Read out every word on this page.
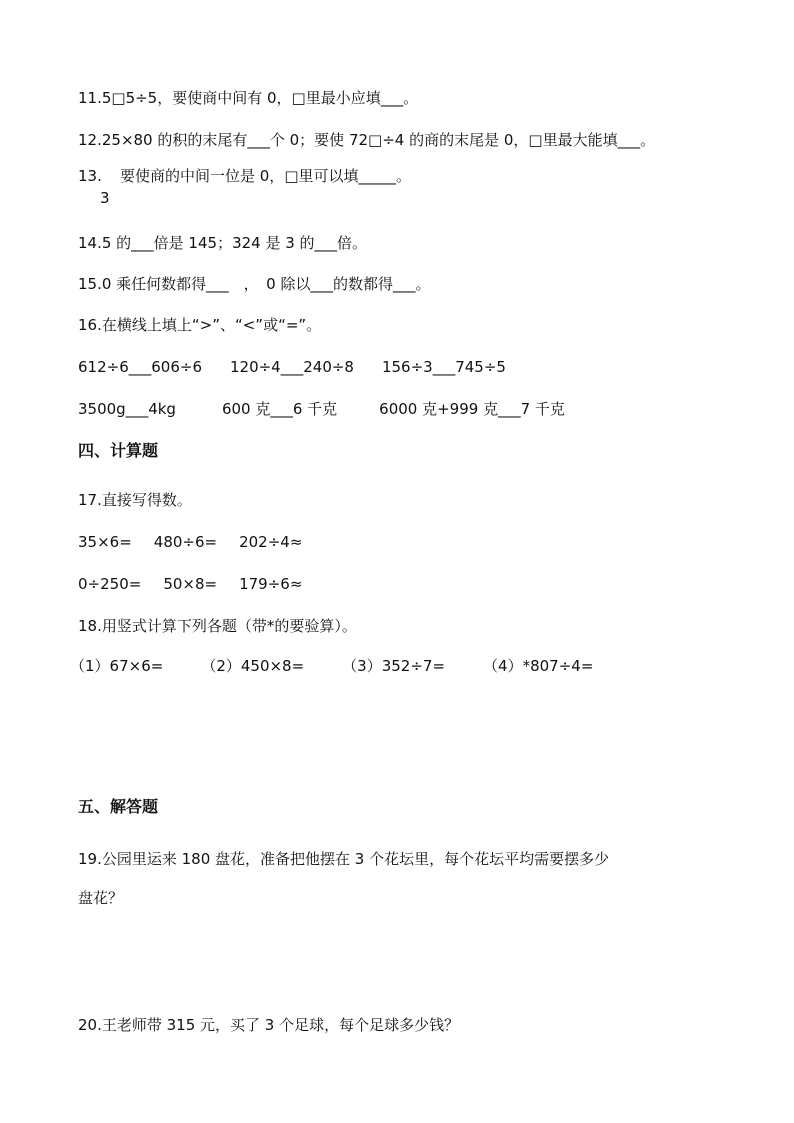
11.5□5÷5，要使商中间有 0，□里最小应填___。
12.25×80 的积的末尾有___个 0；要使 72□÷4 的商的末尾是 0，□里最大能填___。
13. 要使商的中间一位是 0，□里可以填_____。
3
14.5 的___倍是 145；324 是 3 的___倍。
15.0 乘任何数都得___　，　0 除以___的数都得___。
16.在横线上填上“>”、“<”或“=”。
612÷6___606÷6 120÷4___240÷8 156÷3___745÷5
3500g___4kg	600 克___6 千克	6000 克+999 克___7 千克
四、计算题
17.直接写得数。
35×6= 480÷6= 202÷4≈
0÷250= 50×8= 179÷6≈
18.用竖式计算下列各题（带*的要验算）。
（1）67×6=	（2）450×8=	（3）352÷7=	（4）*807÷4=
五、解答题
19.公园里运来 180 盘花，准备把他摆在 3 个花坛里，每个花坛平均需要摆多少
盘花？
20.王老师带 315 元，买了 3 个足球，每个足球多少钱？
